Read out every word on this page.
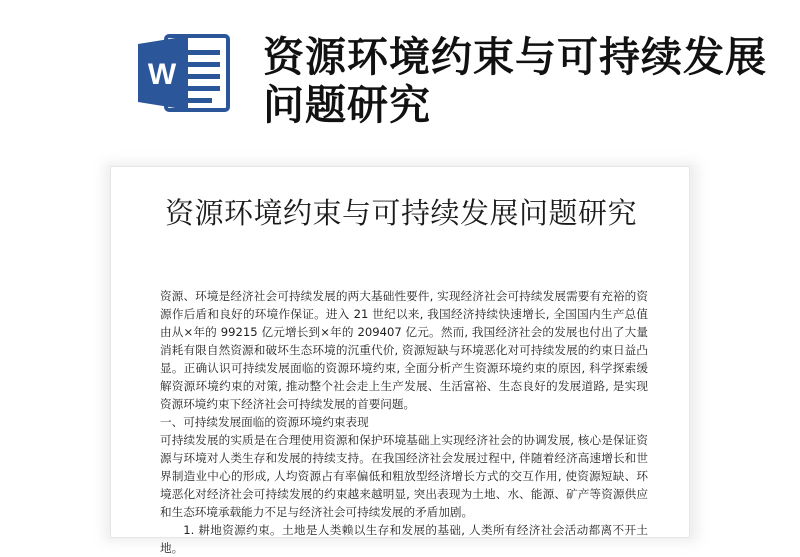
W 资源环境约束与可持续发展问题研究
资源环境约束与可持续发展问题研究

资源、环境是经济社会可持续发展的两大基础性要件, 实现经济社会可持续发展需要有充裕的资源作后盾和良好的环境作保证。进入 21 世纪以来, 我国经济持续快速增长, 全国国内生产总值由从×年的 99215 亿元增长到×年的 209407 亿元。然而, 我国经济社会的发展也付出了大量消耗有限自然资源和破坏生态环境的沉重代价, 资源短缺与环境恶化对可持续发展的约束日益凸显。正确认识可持续发展面临的资源环境约束, 全面分析产生资源环境约束的原因, 科学探索缓解资源环境约束的对策, 推动整个社会走上生产发展、生活富裕、生态良好的发展道路, 是实现资源环境约束下经济社会可持续发展的首要问题。

一、可持续发展面临的资源环境约束表现

可持续发展的实质是在合理使用资源和保护环境基础上实现经济社会的协调发展, 核心是保证资源与环境对人类生存和发展的持续支持。在我国经济社会发展过程中, 伴随着经济高速增长和世界制造业中心的形成, 人均资源占有率偏低和粗放型经济增长方式的交互作用, 使资源短缺、环境恶化对经济社会可持续发展的约束越来越明显, 突出表现为土地、水、能源、矿产等资源供应和生态环境承载能力不足与经济社会可持续发展的矛盾加剧。

1. 耕地资源约束。土地是人类赖以生存和发展的基础, 人类所有经济社会活动都离不开土地。
